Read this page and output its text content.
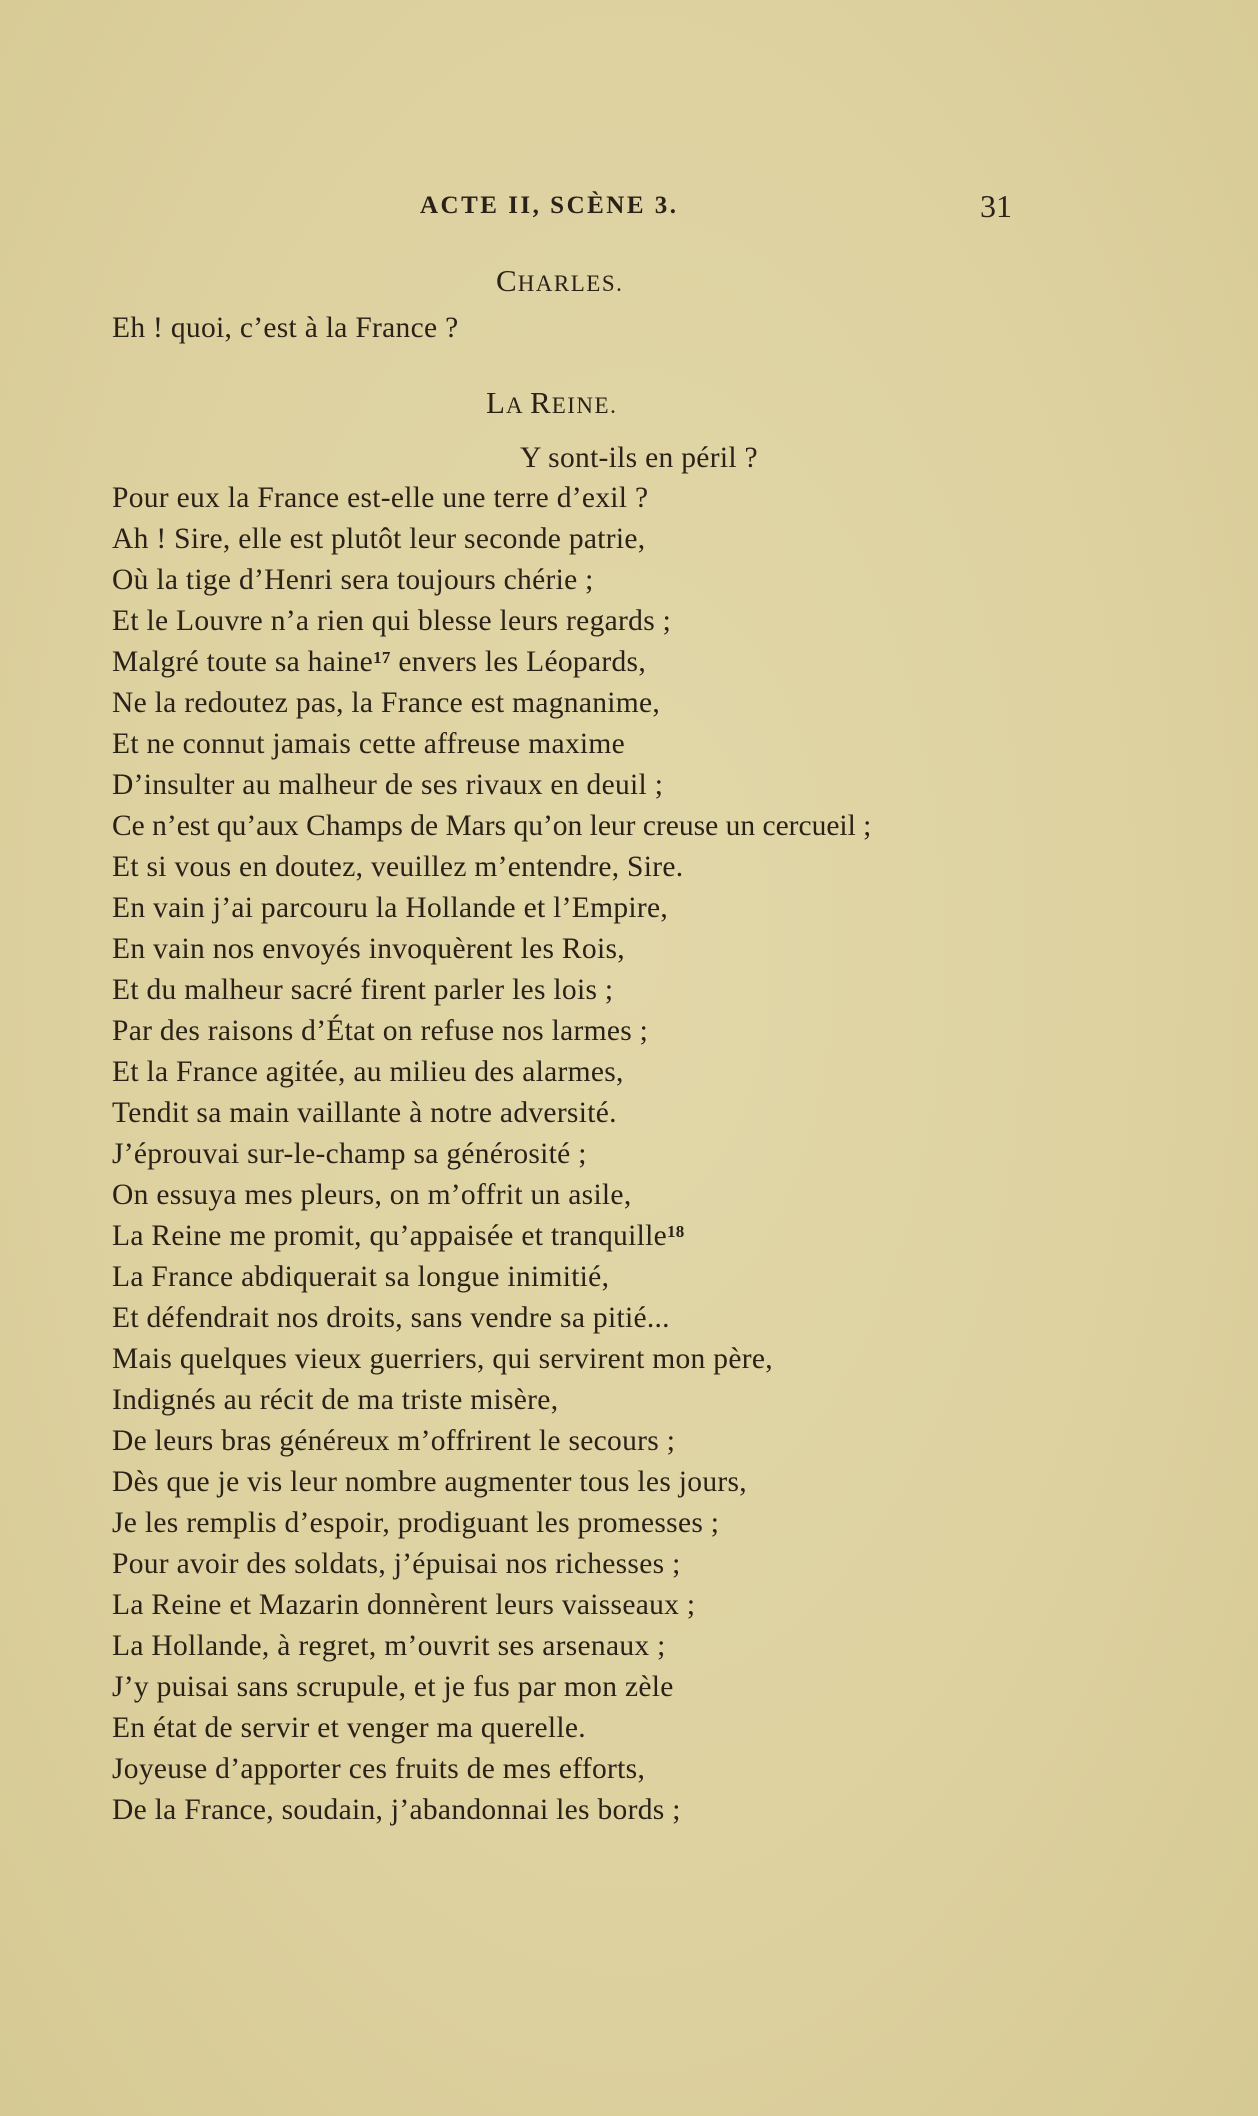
ACTE II, SCÈNE 3.	31
CHARLES.
Eh ! quoi, c’est à la France ?
LA REINE.
Y sont-ils en péril ?
Pour eux la France est-elle une terre d’exil ?
Ah ! Sire, elle est plutôt leur seconde patrie,
Où la tige d’Henri sera toujours chérie ;
Et le Louvre n’a rien qui blesse leurs regards ;
Malgré toute sa haine$^{17}$ envers les Léopards,
Ne la redoutez pas, la France est magnanime,
Et ne connut jamais cette affreuse maxime
D’insulter au malheur de ses rivaux en deuil ;
Ce n’est qu’aux Champs de Mars qu’on leur creuse un cercueil ;
Et si vous en doutez, veuillez m’entendre, Sire.
En vain j’ai parcouru la Hollande et l’Empire,
En vain nos envoyés invoquèrent les Rois,
Et du malheur sacré firent parler les lois ;
Par des raisons d’État on refuse nos larmes ;
Et la France agitée, au milieu des alarmes,
Tendit sa main vaillante à notre adversité.
J’éprouvai sur-le-champ sa générosité ;
On essuya mes pleurs, on m’offrit un asile,
La Reine me promit, qu’appaisée et tranquille$^{18}$
La France abdiquerait sa longue inimitié,
Et défendrait nos droits, sans vendre sa pitié...
Mais quelques vieux guerriers, qui servirent mon père,
Indignés au récit de ma triste misère,
De leurs bras généreux m’offrirent le secours ;
Dès que je vis leur nombre augmenter tous les jours,
Je les remplis d’espoir, prodiguant les promesses ;
Pour avoir des soldats, j’épuisai nos richesses ;
La Reine et Mazarin donnèrent leurs vaisseaux ;
La Hollande, à regret, m’ouvrit ses arsenaux ;
J’y puisai sans scrupule, et je fus par mon zèle
En état de servir et venger ma querelle.
Joyeuse d’apporter ces fruits de mes efforts,
De la France, soudain, j’abandonnai les bords ;
